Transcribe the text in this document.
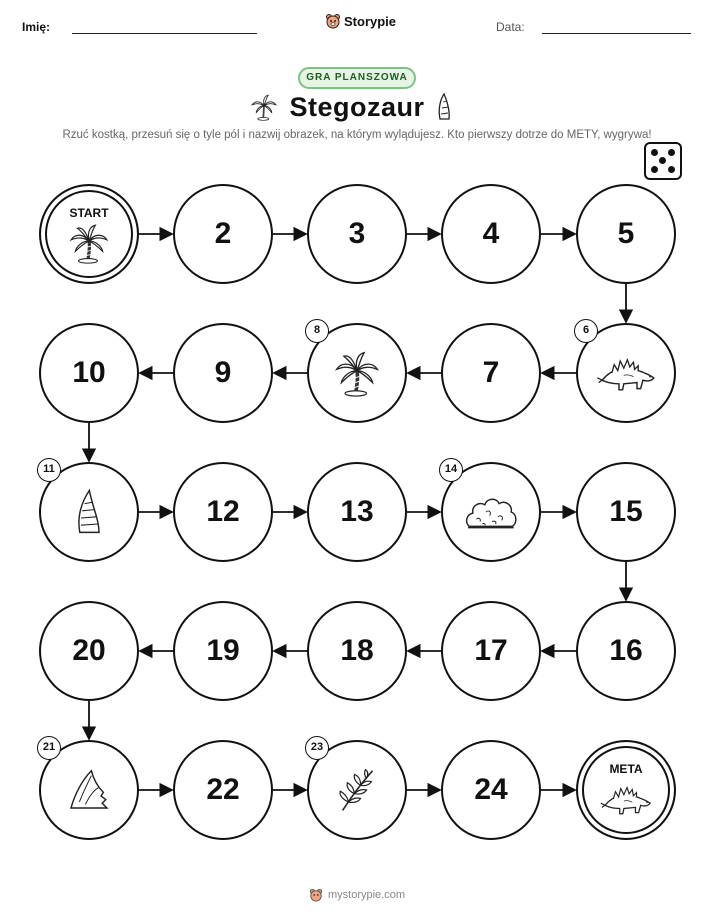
Imię:	Storypie	Data:
GRA PLANSZOWA
Stegozaur
Rzuć kostką, przesuń się o tyle pól i nazwij obrazek, na którym wylądujesz. Kto pierwszy dotrze do METY, wygrywa!
START
2	3	4	5
10	9
8
7
6
11
12	13
14
15
20	19	18	17	16
21
22
23
24
META
mystorypie.com
